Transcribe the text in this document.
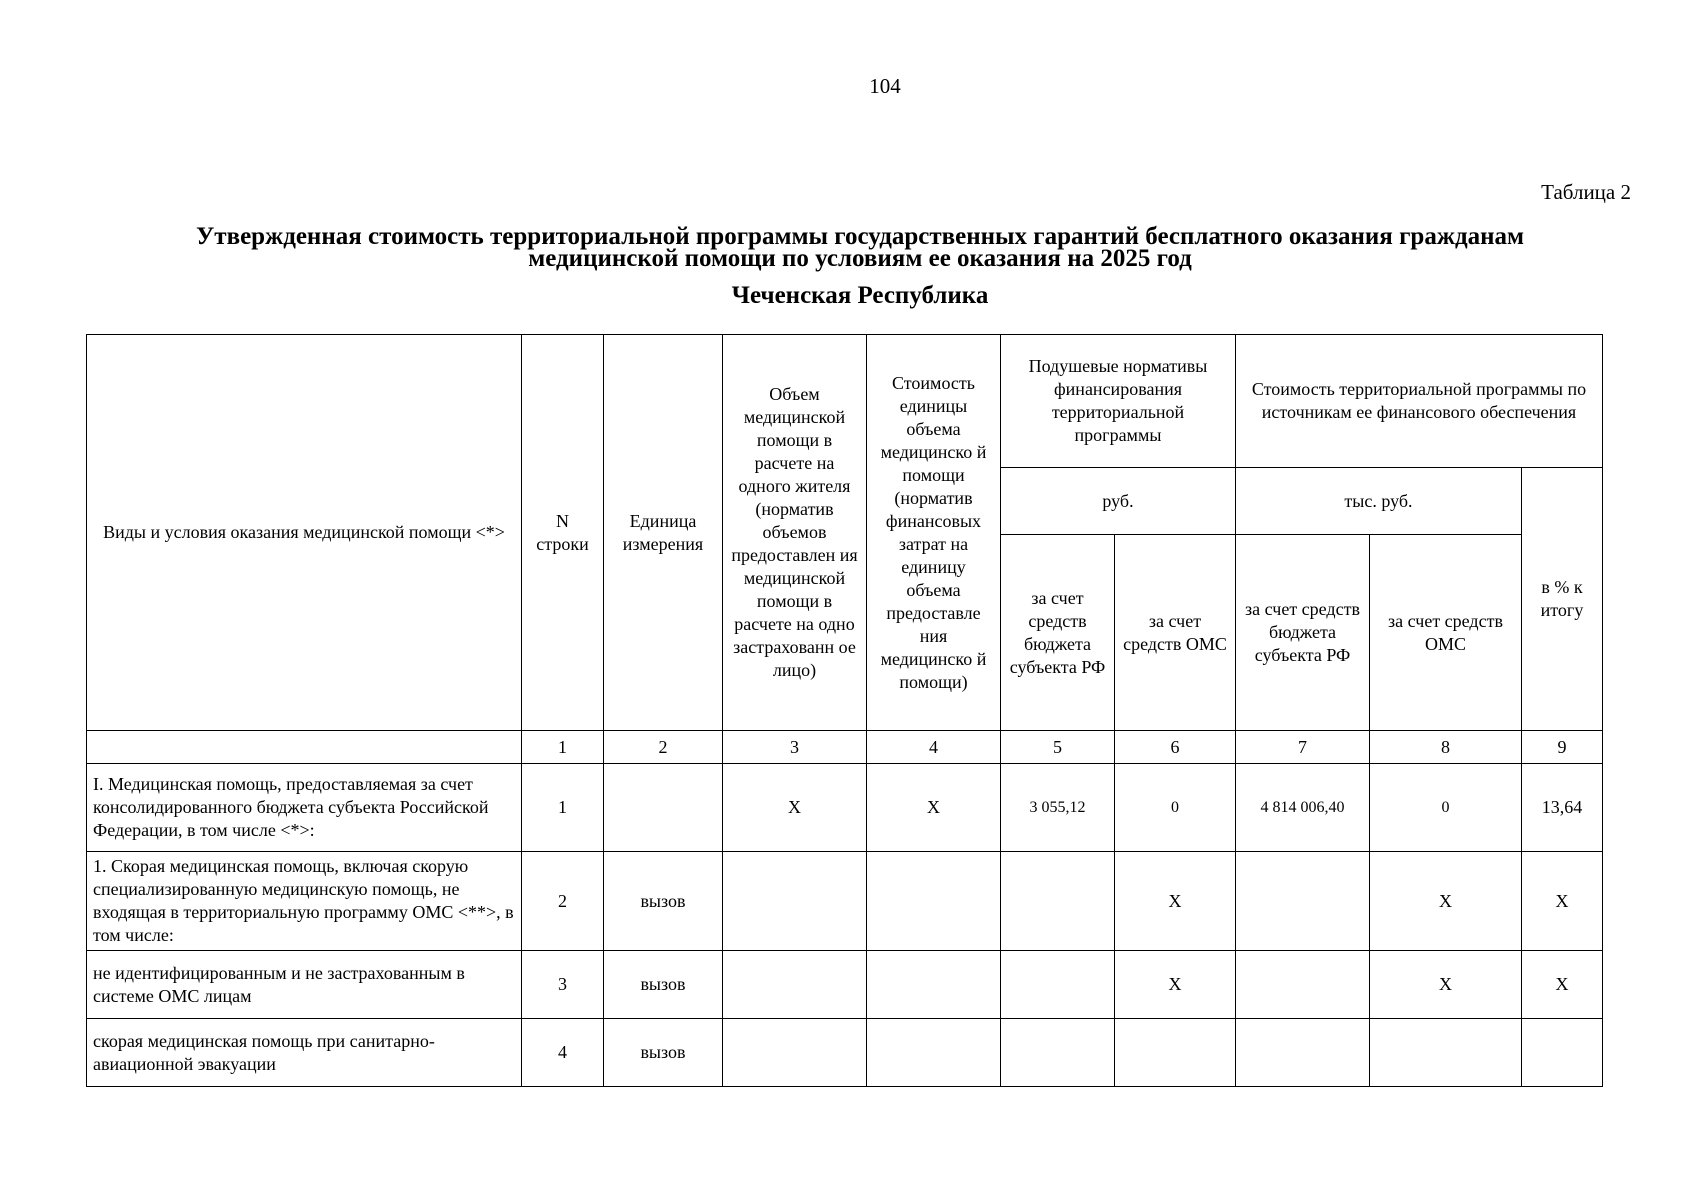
104
Таблица 2
Утвержденная стоимость территориальной программы государственных гарантий бесплатного оказания гражданам
медицинской помощи по условиям ее оказания на 2025 год
Чеченская Республика
Виды и условия оказания медицинской помощи <*>	N строки	Единица измерения	Объем медицинской помощи в расчете на одного жителя (норматив объемов предоставлен ия медицинской помощи в расчете на одно застрахованн ое лицо)	Стоимость единицы объема медицинско й помощи (норматив финансовых затрат на единицу объема предоставле ния медицинско й помощи)	Подушевые нормативы финансирования территориальной программы		Стоимость территориальной программы по источникам ее финансового обеспечения		
					руб.		тыс. руб.		в % к итогу
					за счет средств бюджета субъекта РФ	за счет средств ОМС	за счет средств бюджета субъекта РФ	за счет средств ОМС	
	1	2	3	4	5	6	7	8	9
I. Медицинская помощь, предоставляемая за счет консолидированного бюджета субъекта Российской Федерации, в том числе <*>:	1		Х	Х	3 055,12	0	4 814 006,40	0	13,64
1. Скорая медицинская помощь, включая скорую специализированную медицинскую помощь, не входящая в территориальную программу ОМС <**>, в том числе:	2	вызов				Х		Х	Х
не идентифицированным и не застрахованным в системе ОМС лицам	3	вызов				Х		Х	Х
скорая медицинская помощь при санитарно-авиационной эвакуации	4	вызов							
